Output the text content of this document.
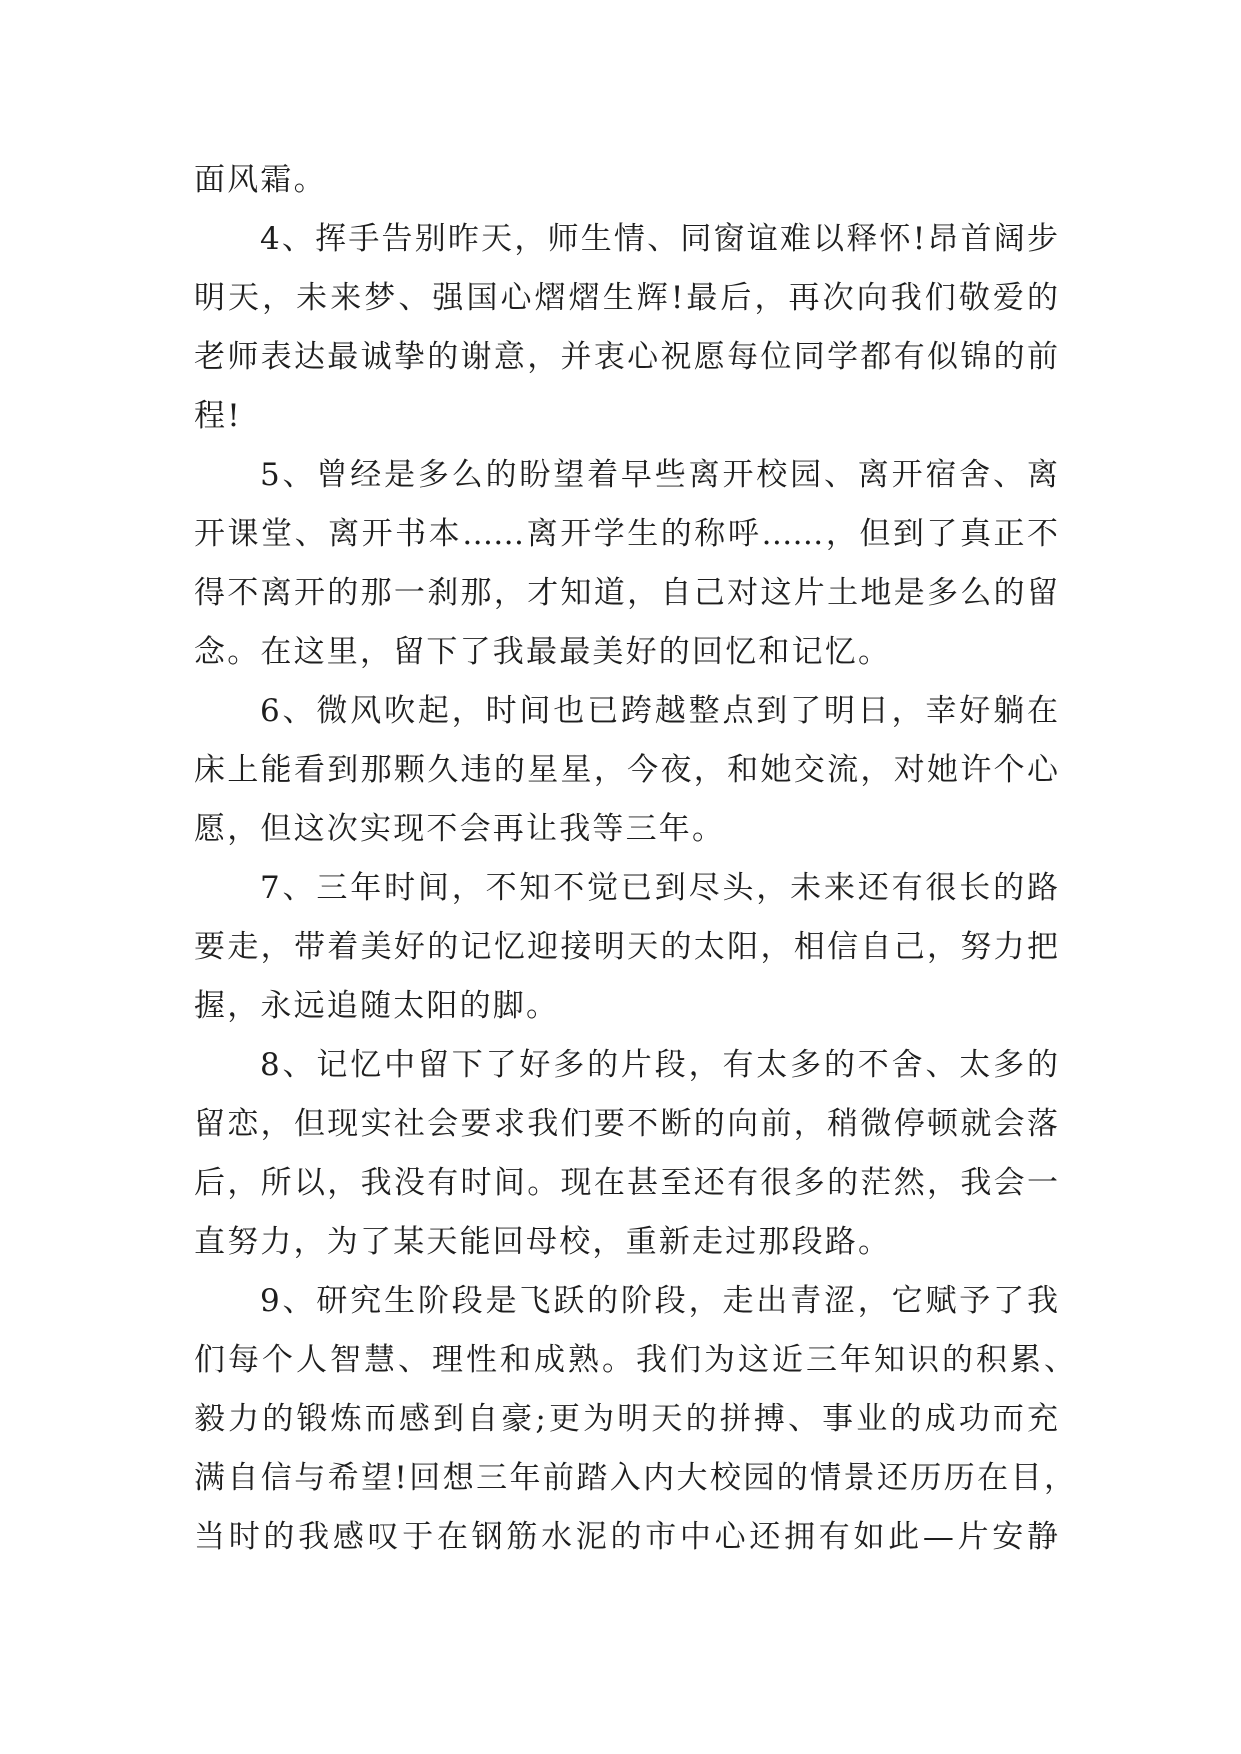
面风霜。
4、挥手告别昨天，师生情、同窗谊难以释怀!昂首阔步
明天，未来梦、强国心熠熠生辉!最后，再次向我们敬爱的
老师表达最诚挚的谢意，并衷心祝愿每位同学都有似锦的前
程!
5、曾经是多么的盼望着早些离开校园、离开宿舍、离
开课堂、离开书本……离开学生的称呼……，但到了真正不
得不离开的那一刹那，才知道，自己对这片土地是多么的留
念。在这里，留下了我最最美好的回忆和记忆。
6、微风吹起，时间也已跨越整点到了明日，幸好躺在
床上能看到那颗久违的星星，今夜，和她交流，对她许个心
愿，但这次实现不会再让我等三年。
7、三年时间，不知不觉已到尽头，未来还有很长的路
要走，带着美好的记忆迎接明天的太阳，相信自己，努力把
握，永远追随太阳的脚。
8、记忆中留下了好多的片段，有太多的不舍、太多的
留恋，但现实社会要求我们要不断的向前，稍微停顿就会落
后，所以，我没有时间。现在甚至还有很多的茫然，我会一
直努力，为了某天能回母校，重新走过那段路。
9、研究生阶段是飞跃的阶段，走出青涩，它赋予了我
们每个人智慧、理性和成熟。我们为这近三年知识的积累、
毅力的锻炼而感到自豪;更为明天的拼搏、事业的成功而充
满自信与希望!回想三年前踏入内大校园的情景还历历在目，
当时的我感叹于在钢筋水泥的市中心还拥有如此—片安静
